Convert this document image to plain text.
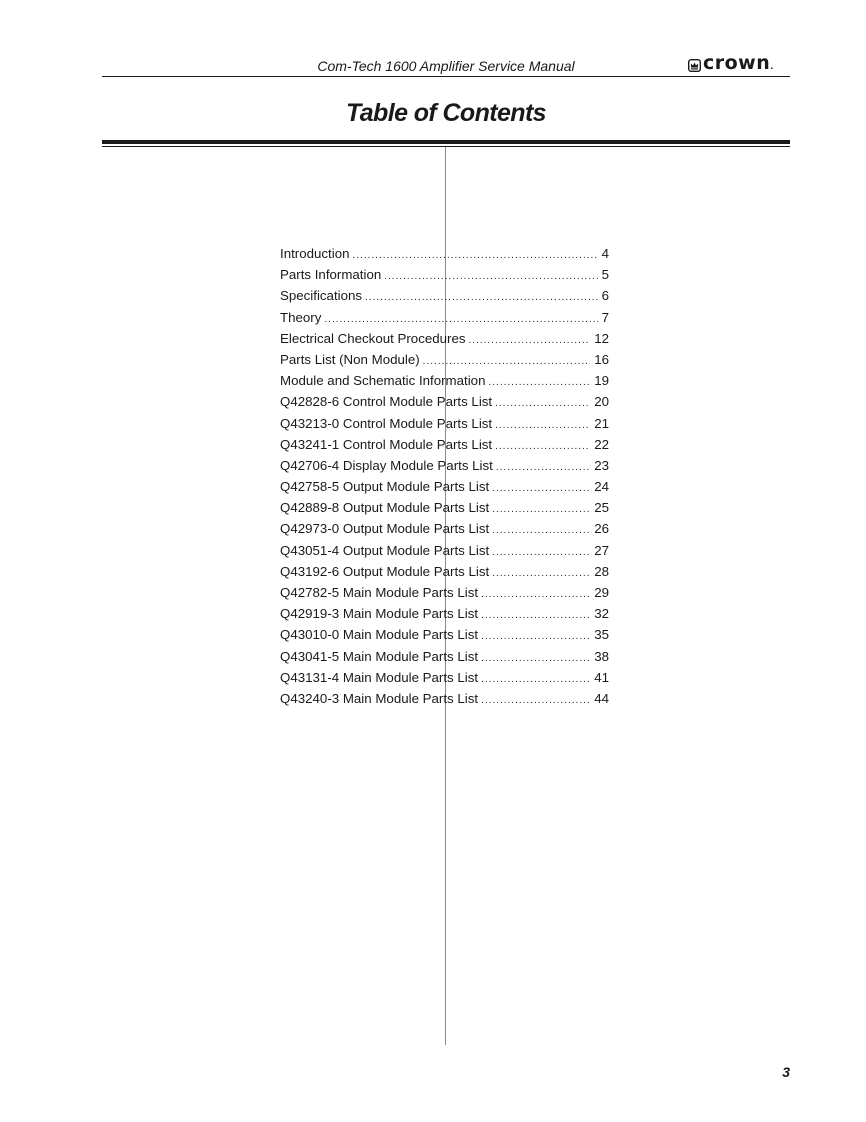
Com-Tech 1600 Amplifier Service Manual	crown .
Table of Contents
Introduction .....	4
Parts Information .....	5
Specifications .....	6
Theory .....	7
Electrical Checkout Procedures .....	12
Parts List (Non Module) .....	16
Module and Schematic Information .....	19
Q42828-6 Control Module Parts List .....	20
Q43213-0 Control Module Parts List .....	21
Q43241-1 Control Module Parts List .....	22
Q42706-4 Display Module Parts List .....	23
Q42758-5 Output Module Parts List .....	24
Q42889-8 Output Module Parts List .....	25
Q42973-0 Output Module Parts List .....	26
Q43051-4 Output Module Parts List .....	27
Q43192-6 Output Module Parts List .....	28
Q42782-5 Main Module Parts List .....	29
Q42919-3 Main Module Parts List .....	32
Q43010-0 Main Module Parts List .....	35
Q43041-5 Main Module Parts List .....	38
Q43131-4 Main Module Parts List .....	41
Q43240-3 Main Module Parts List .....	44
3
